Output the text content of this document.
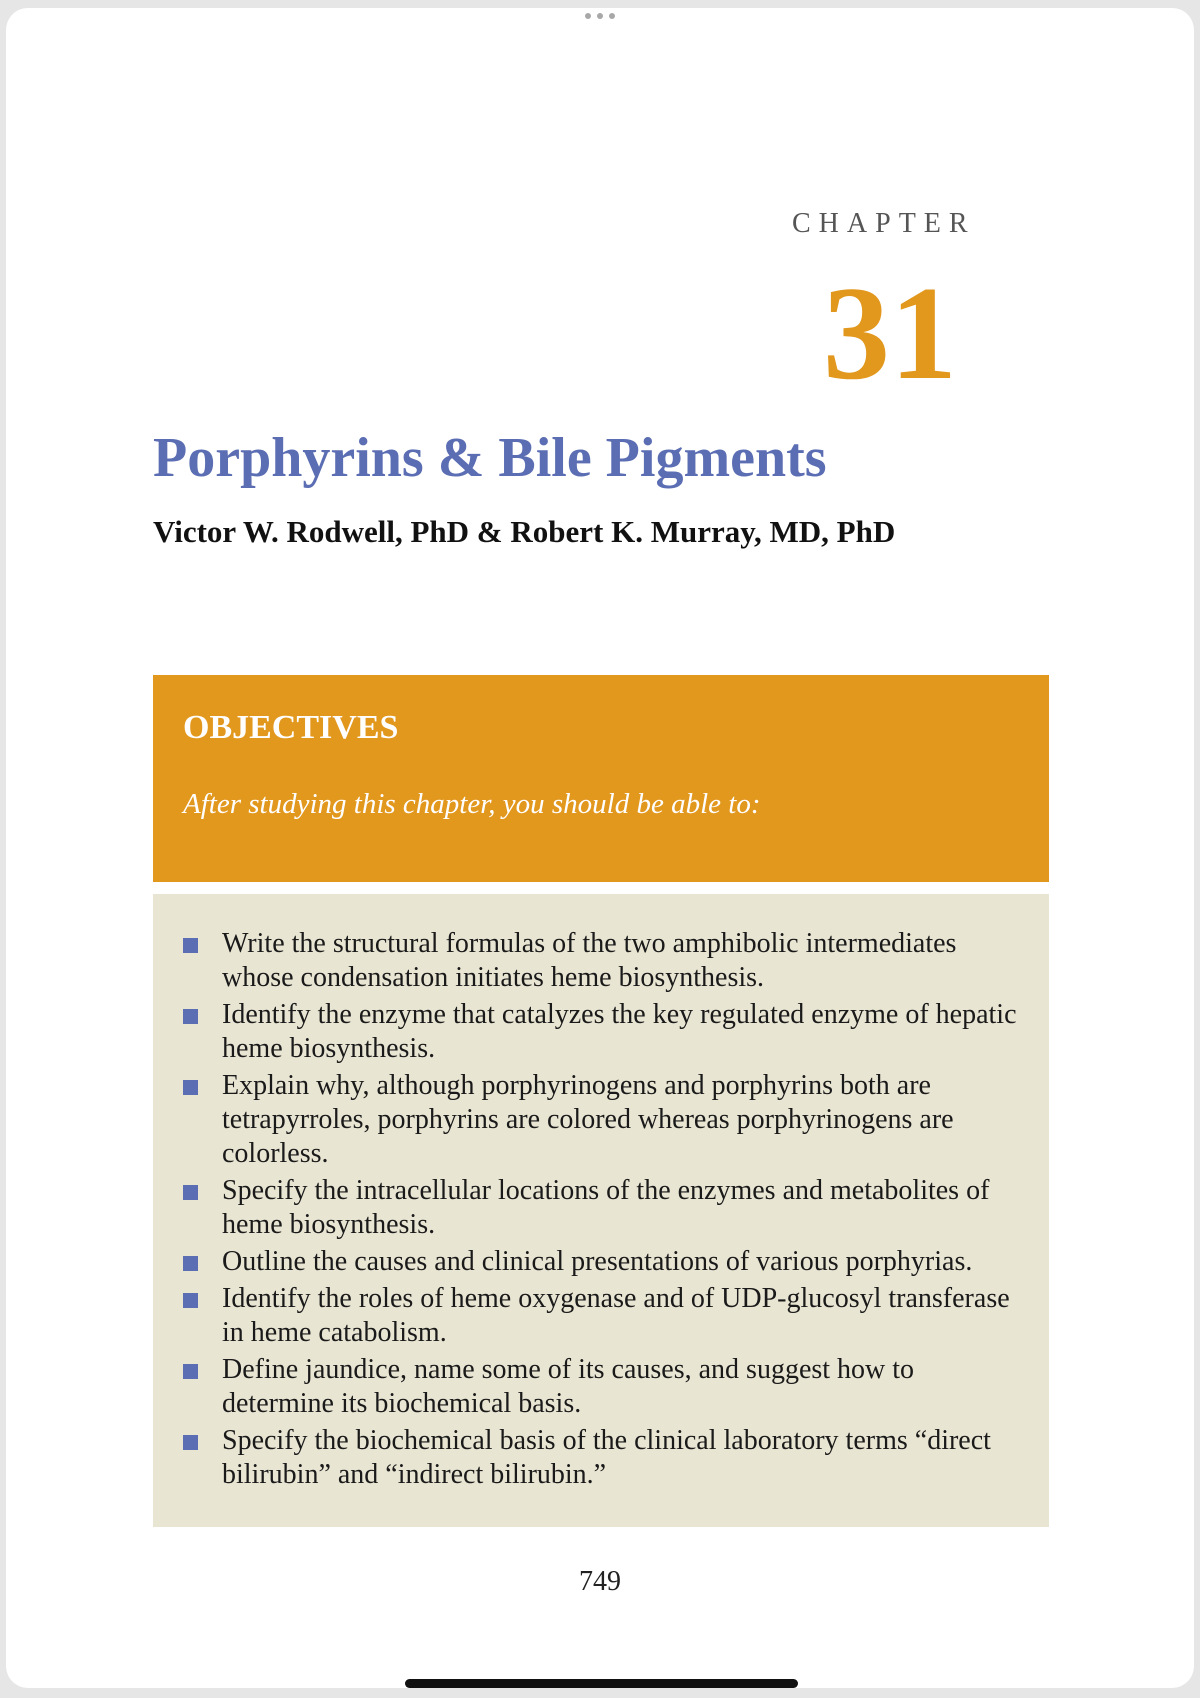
CHAPTER
31
Porphyrins & Bile Pigments
Victor W. Rodwell, PhD & Robert K. Murray, MD, PhD
OBJECTIVES
After studying this chapter, you should be able to:
Write the structural formulas of the two amphibolic intermediates whose condensation initiates heme biosynthesis.
Identify the enzyme that catalyzes the key regulated enzyme of hepatic heme biosynthesis.
Explain why, although porphyrinogens and porphyrins both are tetrapyrroles, porphyrins are colored whereas porphyrinogens are colorless.
Specify the intracellular locations of the enzymes and metabolites of heme biosynthesis.
Outline the causes and clinical presentations of various porphyrias.
Identify the roles of heme oxygenase and of UDP-glucosyl transferase in heme catabolism.
Define jaundice, name some of its causes, and suggest how to determine its biochemical basis.
Specify the biochemical basis of the clinical laboratory terms “direct bilirubin” and “indirect bilirubin.”
749
